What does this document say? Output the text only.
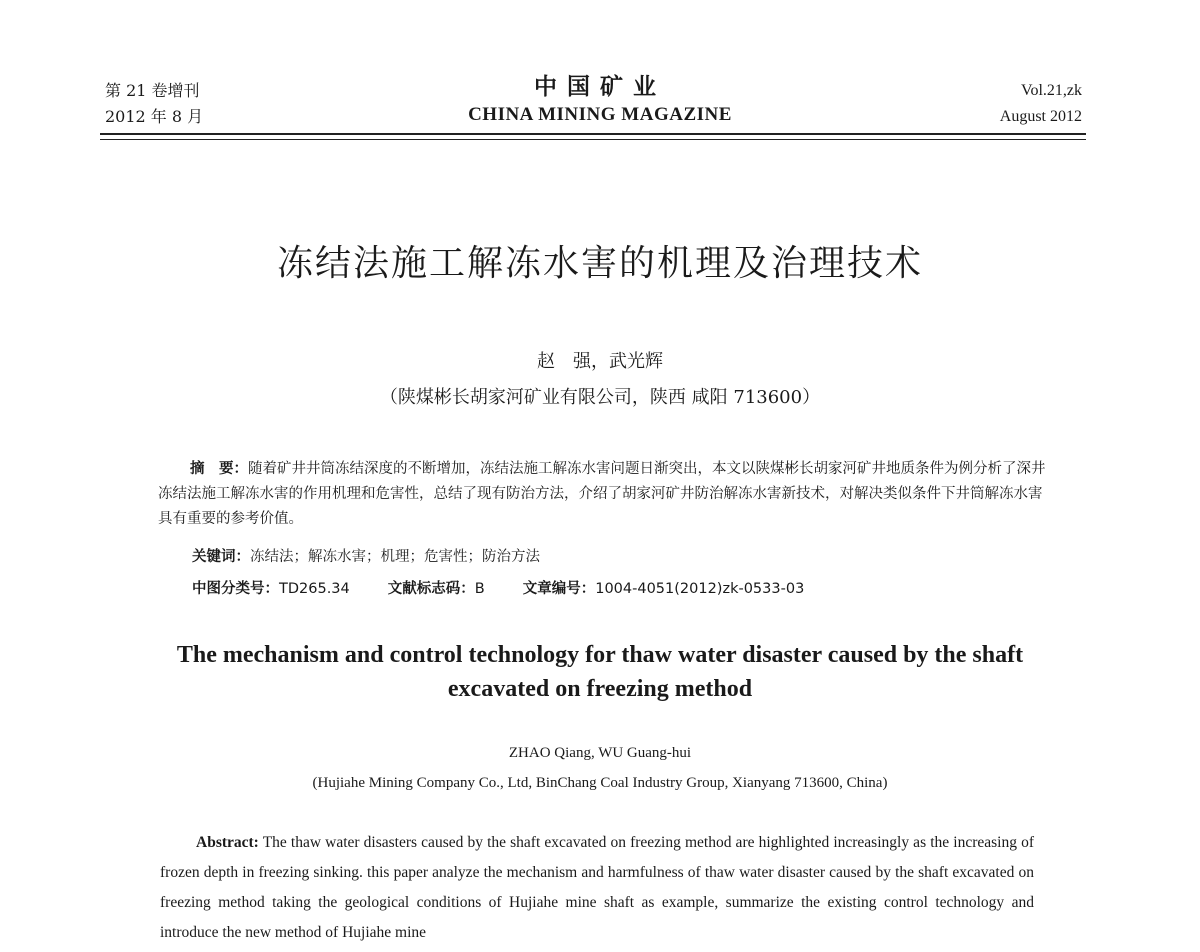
第 21 卷增刊
2012 年 8 月
中国矿业
CHINA MINING MAGAZINE
Vol.21,zk
August 2012
冻结法施工解冻水害的机理及治理技术
赵　强，武光辉
（陕煤彬长胡家河矿业有限公司，陕西 咸阳 713600）
摘　要：随着矿井井筒冻结深度的不断增加，冻结法施工解冻水害问题日渐突出，本文以陕煤彬长胡家河矿井地质条件为例分析了深井冻结法施工解冻水害的作用机理和危害性，总结了现有防治方法，介绍了胡家河矿井防治解冻水害新技术，对解决类似条件下井筒解冻水害具有重要的参考价值。
关键词：冻结法；解冻水害；机理；危害性；防治方法
中图分类号：TD265.34	文献标志码：B	文章编号：1004-4051(2012)zk-0533-03
The mechanism and control technology for thaw water disaster caused by the shaft excavated on freezing method
ZHAO Qiang, WU Guang-hui
(Hujiahe Mining Company Co., Ltd, BinChang Coal Industry Group, Xianyang 713600, China)
Abstract: The thaw water disasters caused by the shaft excavated on freezing method are highlighted increasingly as the increasing of frozen depth in freezing sinking. this paper analyze the mechanism and harmfulness of thaw water disaster caused by the shaft excavated on freezing method taking the geological conditions of Hujiahe mine shaft as example, summarize the existing control technology and introduce the new method of Hujiahe mine
